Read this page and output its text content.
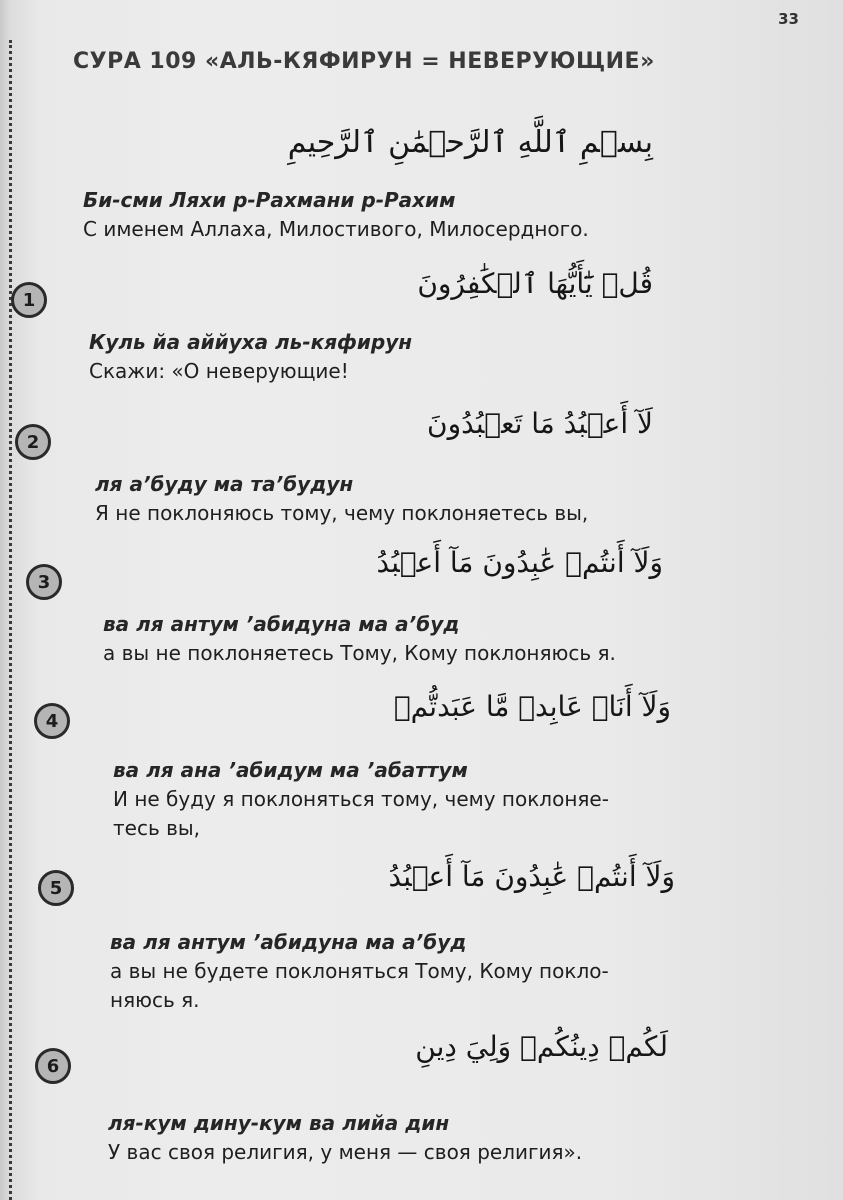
33
СУРА 109 «АЛЬ-КЯФИРУН = НЕВЕРУЮЩИЕ»
بِسۡمِ ٱللَّهِ ٱلرَّحۡمَٰنِ ٱلرَّحِيمِ
Би-сми Ляхи р-Рахмани р-Рахим
С именем Аллаха, Милостивого, Милосердного.
1	قُلۡ يَٰٓأَيُّهَا ٱلۡكَٰفِرُونَ
Куль йа аййуха ль-кяфирун
Скажи: «О неверующие!
2
لَآ أَعۡبُدُ مَا تَعۡبُدُونَ
ля а’буду ма та’будун
Я не поклоняюсь тому, чему поклоняетесь вы,
3
وَلَآ أَنتُمۡ عَٰبِدُونَ مَآ أَعۡبُدُ
ва ля антум ’абидуна ма а’буд
а вы не поклоняетесь Тому, Кому поклоняюсь я.
4	وَلَآ أَنَا۠ عَابِدٞ مَّا عَبَدتُّمۡ
ва ля ана ’абидум ма ’абаттум
И не буду я поклоняться тому, чему поклоняе-
тесь вы,
5	وَلَآ أَنتُمۡ عَٰبِدُونَ مَآ أَعۡبُدُ
ва ля антум ’абидуна ма а’буд
а вы не будете поклоняться Тому, Кому покло-
няюсь я.
6
لَكُمۡ دِينُكُمۡ وَلِيَ دِينِ
ля-кум дину-кум ва лийа дин
У вас своя религия, у меня — своя религия».
